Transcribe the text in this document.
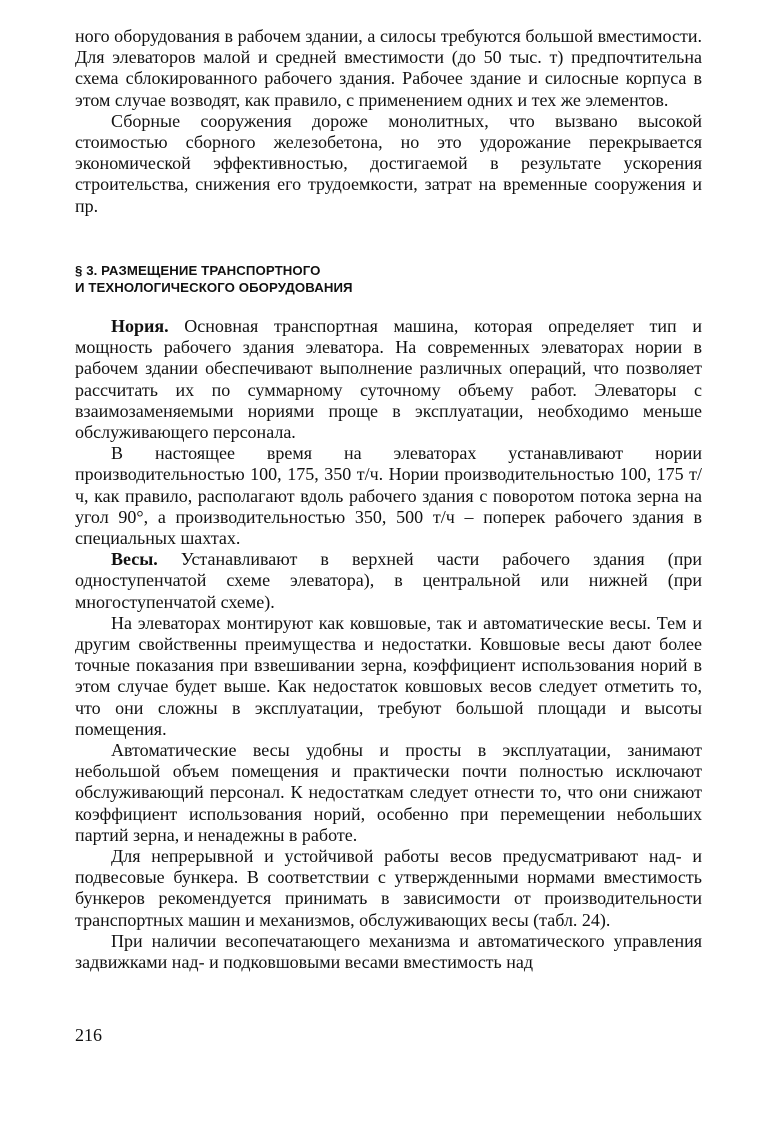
ного оборудования в рабочем здании, а силосы требуются большой вместимости. Для элеваторов малой и средней вместимости (до 50 тыс. т) предпочтительна схема сблокированного рабочего здания. Рабочее здание и силосные корпуса в этом случае возводят, как правило, с применением одних и тех же элементов.

Сборные сооружения дороже монолитных, что вызвано высокой стоимостью сборного железобетона, но это удорожание перекрывается экономической эффективностью, достигаемой в результате ускорения строительства, снижения его трудоемкости, затрат на временные сооружения и пр.

§ 3. РАЗМЕЩЕНИЕ ТРАНСПОРТНОГО
И ТЕХНОЛОГИЧЕСКОГО ОБОРУДОВАНИЯ

Нория. Основная транспортная машина, которая определяет тип и мощность рабочего здания элеватора. На современных элеваторах нории в рабочем здании обеспечивают выполнение различных операций, что позволяет рассчитать их по суммарному суточному объему работ. Элеваторы с взаимозаменяемыми нориями проще в эксплуатации, необходимо меньше обслуживающего персонала.

В настоящее время на элеваторах устанавливают нории производительностью 100, 175, 350 т/ч. Нории производительностью 100, 175 т/ч, как правило, располагают вдоль рабочего здания с поворотом потока зерна на угол 90°, а производительностью 350, 500 т/ч – поперек рабочего здания в специальных шахтах.

Весы. Устанавливают в верхней части рабочего здания (при одноступенчатой схеме элеватора), в центральной или нижней (при многоступенчатой схеме).

На элеваторах монтируют как ковшовые, так и автоматические весы. Тем и другим свойственны преимущества и недостатки. Ковшовые весы дают более точные показания при взвешивании зерна, коэффициент использования норий в этом случае будет выше. Как недостаток ковшовых весов следует отметить то, что они сложны в эксплуатации, требуют большой площади и высоты помещения.

Автоматические весы удобны и просты в эксплуатации, занимают небольшой объем помещения и практически почти полностью исключают обслуживающий персонал. К недостаткам следует отнести то, что они снижают коэффициент использования норий, особенно при перемещении небольших партий зерна, и ненадежны в работе.

Для непрерывной и устойчивой работы весов предусматривают над- и подвесовые бункера. В соответствии с утвержденными нормами вместимость бункеров рекомендуется принимать в зависимости от производительности транспортных машин и механизмов, обслуживающих весы (табл. 24).

При наличии весопечатающего механизма и автоматического управления задвижками над- и подковшовыми весами вместимость над

216
